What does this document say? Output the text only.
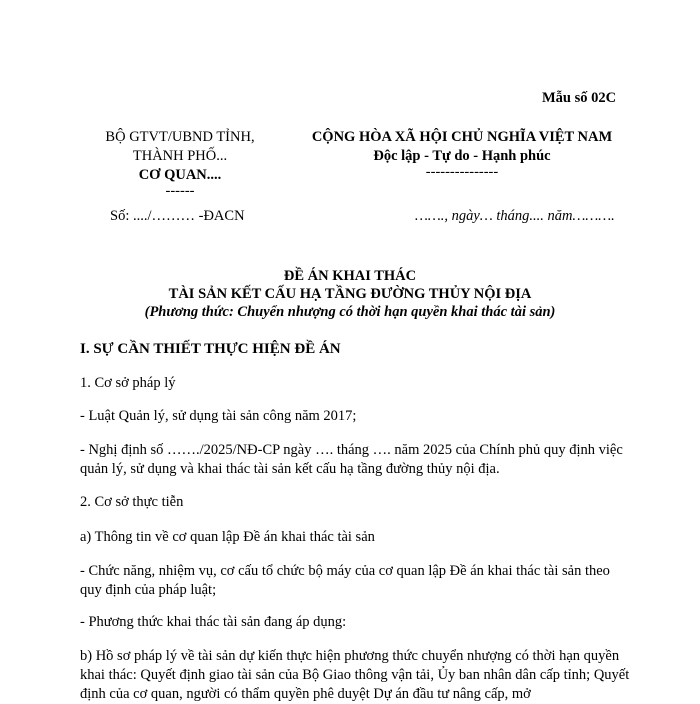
Mẫu số 02C
BỘ GTVT/UBND TỈNH,
THÀNH PHỐ...
CƠ QUAN....
------
CỘNG HÒA XÃ HỘI CHỦ NGHĨA VIỆT NAM
Độc lập - Tự do - Hạnh phúc
---------------
Số: ..../……… -ĐACN	……., ngày… tháng.... năm……….
ĐỀ ÁN KHAI THÁC
TÀI SẢN KẾT CẤU HẠ TẦNG ĐƯỜNG THỦY NỘI ĐỊA
(Phương thức: Chuyển nhượng có thời hạn quyền khai thác tài sản)
I. SỰ CẦN THIẾT THỰC HIỆN ĐỀ ÁN
1. Cơ sở pháp lý
- Luật Quản lý, sử dụng tài sản công năm 2017;
- Nghị định số ……./2025/NĐ-CP ngày …. tháng …. năm 2025 của Chính phủ quy định việc quản lý, sử dụng và khai thác tài sản kết cấu hạ tầng đường thủy nội địa.
2. Cơ sở thực tiễn
a) Thông tin về cơ quan lập Đề án khai thác tài sản
- Chức năng, nhiệm vụ, cơ cấu tổ chức bộ máy của cơ quan lập Đề án khai thác tài sản theo quy định của pháp luật;
- Phương thức khai thác tài sản đang áp dụng:
b) Hồ sơ pháp lý về tài sản dự kiến thực hiện phương thức chuyển nhượng có thời hạn quyền khai thác: Quyết định giao tài sản của Bộ Giao thông vận tải, Ủy ban nhân dân cấp tỉnh; Quyết định của cơ quan, người có thẩm quyền phê duyệt Dự án đầu tư nâng cấp, mở
